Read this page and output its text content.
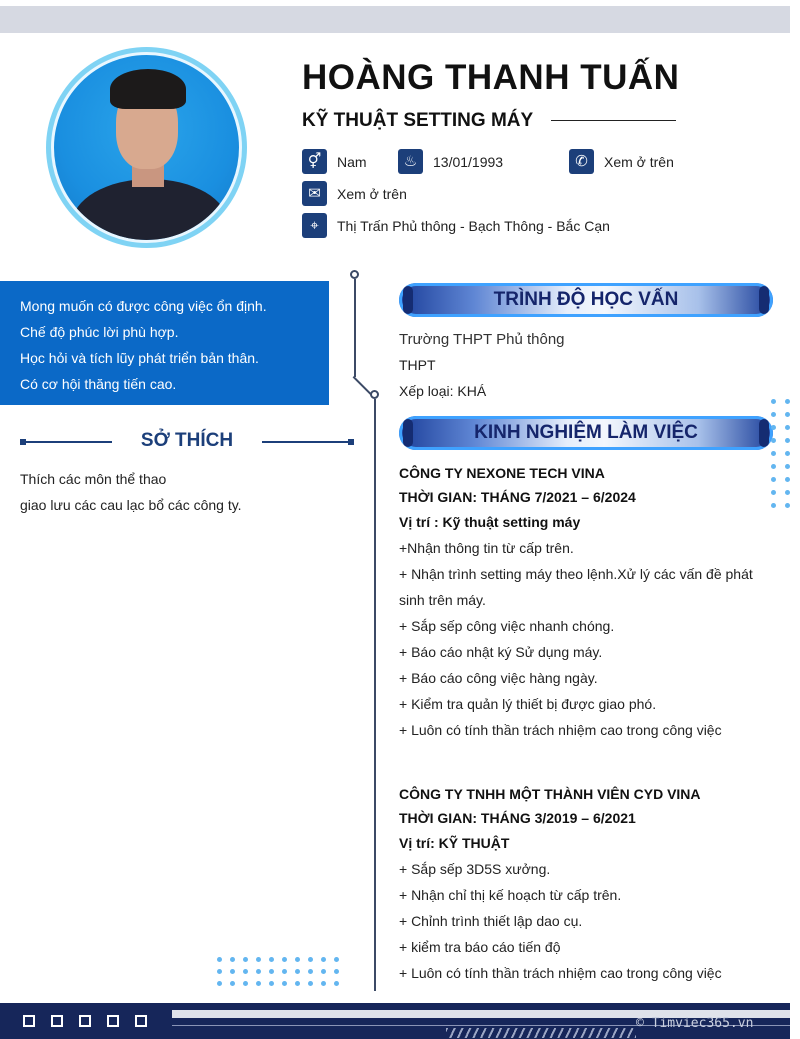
HOÀNG THANH TUẤN
KỸ THUẬT SETTING MÁY
⚥	Nam	♨	13/01/1993	✆	Xem ở trên
✉	Xem ở trên
⌖	Thị Trấn Phủ thông - Bạch Thông - Bắc Cạn
Mong muốn có được công việc ổn định.
Chế độ phúc lời phù hợp.
Học hỏi và tích lũy phát triển bản thân.
Có cơ hội thăng tiến cao.
SỞ THÍCH
Thích các môn thể thao
giao lưu các cau lạc bổ các công ty.
TRÌNH ĐỘ HỌC VẤN
Trường THPT Phủ thông
THPT
Xếp loại: KHÁ
KINH NGHIỆM LÀM VIỆC
CÔNG TY NEXONE TECH VINA
THỜI GIAN: THÁNG 7/2021 – 6/2024
Vị trí : Kỹ thuật setting máy
+Nhận thông tin từ cấp trên.
+ Nhận trình setting máy theo lệnh.Xử lý các vấn đề phát
sinh trên máy.
+ Sắp sếp công việc nhanh chóng.
+ Báo cáo nhật ký Sử dụng máy.
+ Báo cáo công việc hàng ngày.
+ Kiểm tra quản lý thiết bị được giao phó.
+ Luôn có tính thần trách nhiệm cao trong công việc
CÔNG TY TNHH MỘT THÀNH VIÊN CYD VINA
THỜI GIAN: THÁNG 3/2019 – 6/2021
Vị trí: KỸ THUẬT
+ Sắp sếp 3D5S xưởng.
+ Nhận chỉ thị kế hoạch từ cấp trên.
+ Chỉnh trình thiết lập dao cụ.
+ kiểm tra báo cáo tiến độ
+ Luôn có tính thần trách nhiệm cao trong công việc
© Timviec365.vn
